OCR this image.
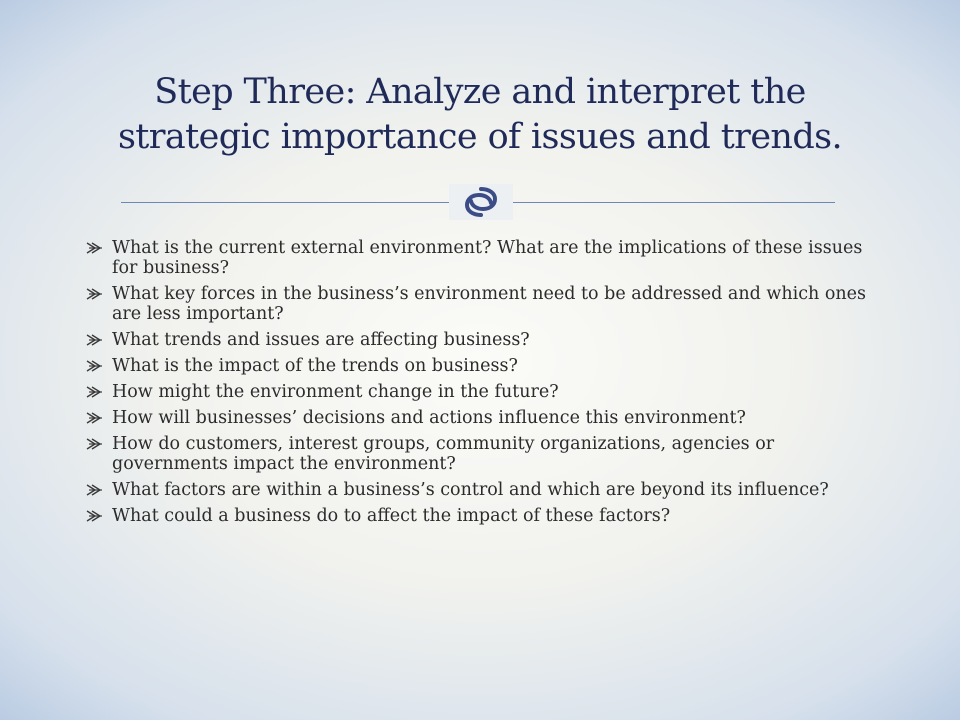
Step Three: Analyze and interpret the
strategic importance of issues and trends.
What is the current external environment? What are the implications of these issues for business?
What key forces in the business’s environment need to be addressed and which ones are less important?
What trends and issues are affecting business?
What is the impact of the trends on business?
How might the environment change in the future?
How will businesses’ decisions and actions influence this environment?
How do customers, interest groups, community organizations, agencies or governments impact the environment?
What factors are within a business’s control and which are beyond its influence?
What could a business do to affect the impact of these factors?
